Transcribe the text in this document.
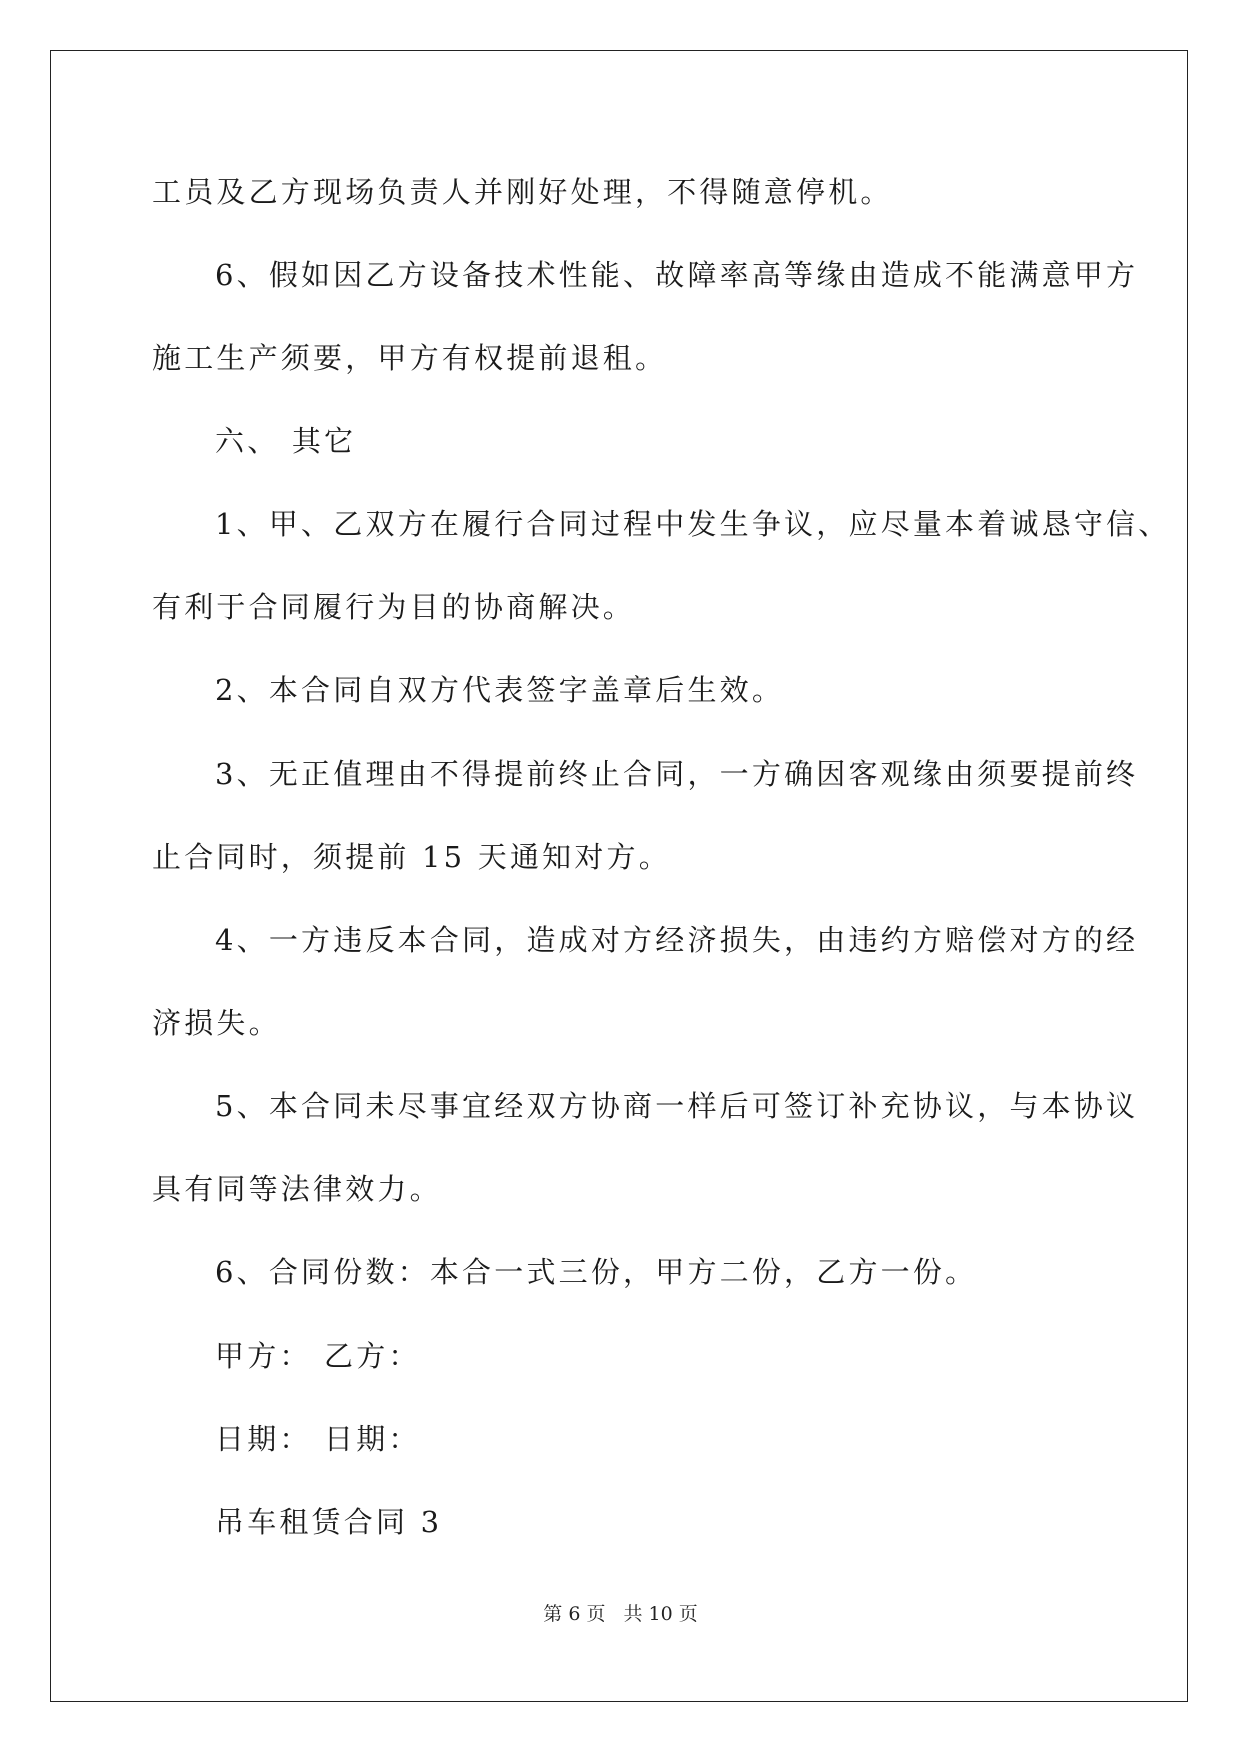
工员及乙方现场负责人并刚好处理，不得随意停机。
6、假如因乙方设备技术性能、故障率高等缘由造成不能满意甲方
施工生产须要，甲方有权提前退租。
六、 其它
1、甲、乙双方在履行合同过程中发生争议，应尽量本着诚恳守信、
有利于合同履行为目的协商解决。
2、本合同自双方代表签字盖章后生效。
3、无正值理由不得提前终止合同，一方确因客观缘由须要提前终
止合同时，须提前 15 天通知对方。
4、一方违反本合同，造成对方经济损失，由违约方赔偿对方的经
济损失。
5、本合同未尽事宜经双方协商一样后可签订补充协议，与本协议
具有同等法律效力。
6、合同份数：本合一式三份，甲方二份，乙方一份。
甲方： 乙方：
日期： 日期：
吊车租赁合同 3
第 6 页 共 10 页
